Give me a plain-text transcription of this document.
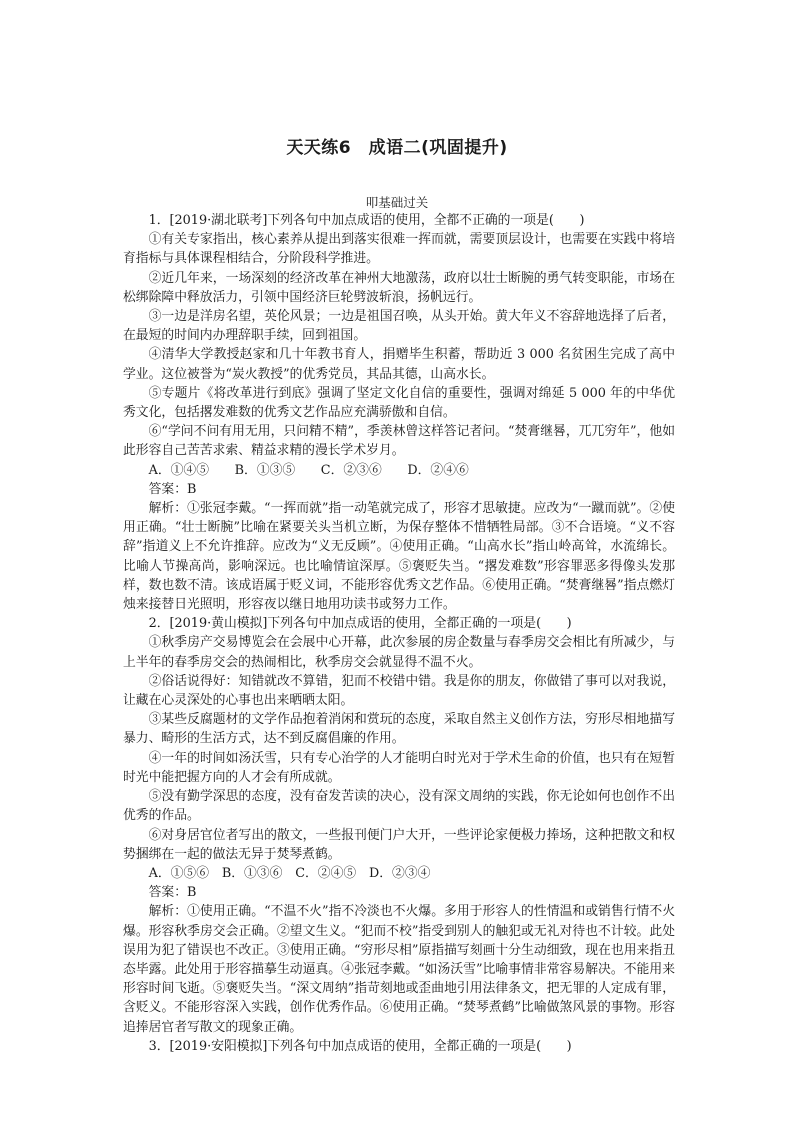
天天练6　成语二(巩固提升)
叩基础过关

1．[2019·湖北联考]下列各句中加点成语的使用，全都不正确的一项是(　　)

①有关专家指出，核心素养从提出到落实很难一挥而就，需要顶层设计，也需要在实践中将培育指标与具体课程相结合，分阶段科学推进。

②近几年来，一场深刻的经济改革在神州大地激荡，政府以壮士断腕的勇气转变职能，市场在松绑除障中释放活力，引领中国经济巨轮劈波斩浪，扬帆远行。

③一边是洋房名望，英伦风景；一边是祖国召唤，从头开始。黄大年义不容辞地选择了后者，在最短的时间内办理辞职手续，回到祖国。

④清华大学教授赵家和几十年教书育人，捐赠毕生积蓄，帮助近 3 000 名贫困生完成了高中学业。这位被誉为“炭火教授”的优秀党员，其品其德，山高水长。

⑤专题片《将改革进行到底》强调了坚定文化自信的重要性，强调对绵延 5 000 年的中华优秀文化，包括撂发难数的优秀文艺作品应充满骄傲和自信。

⑥“学问不问有用无用，只问精不精”，季羡林曾这样答记者问。“焚膏继晷，兀兀穷年”，他如此形容自己苦苦求索、精益求精的漫长学术岁月。

A．①④⑤　　B．①③⑤　　C．②③⑥　　D．②④⑥

答案：B

解析：①张冠李戴。“一挥而就”指一动笔就完成了，形容才思敏捷。应改为“一蹴而就”。②使用正确。“壮士断腕”比喻在紧要关头当机立断，为保存整体不惜牺牲局部。③不合语境。“义不容辞”指道义上不允许推辞。应改为“义无反顾”。④使用正确。“山高水长”指山岭高耸，水流绵长。比喻人节操高尚，影响深远。也比喻情谊深厚。⑤褒贬失当。“撂发难数”形容罪恶多得像头发那样，数也数不清。该成语属于贬义词，不能形容优秀文艺作品。⑥使用正确。“焚膏继晷”指点燃灯烛来接替日光照明，形容夜以继日地用功读书或努力工作。

2．[2019·黄山模拟]下列各句中加点成语的使用，全都正确的一项是(　　)

①秋季房产交易博览会在会展中心开幕，此次参展的房企数量与春季房交会相比有所减少，与上半年的春季房交会的热闹相比，秋季房交会就显得不温不火。

②俗话说得好：知错就改不算错，犯而不校错中错。我是你的朋友，你做错了事可以对我说，让藏在心灵深处的心事也出来晒晒太阳。

③某些反腐题材的文学作品抱着消闲和赏玩的态度，采取自然主义创作方法，穷形尽相地描写暴力、畸形的生活方式，达不到反腐倡廉的作用。

④一年的时间如汤沃雪，只有专心治学的人才能明白时光对于学术生命的价值，也只有在短暂时光中能把握方向的人才会有所成就。

⑤没有勤学深思的态度，没有奋发苦读的决心，没有深文周纳的实践，你无论如何也创作不出优秀的作品。

⑥对身居官位者写出的散文，一些报刊便门户大开，一些评论家便极力捧场，这种把散文和权势捆绑在一起的做法无异于焚琴煮鹤。

A．①⑤⑥　B．①③⑥　C．②④⑤　D．②③④

答案：B

解析：①使用正确。“不温不火”指不冷淡也不火爆。多用于形容人的性情温和或销售行情不火爆。形容秋季房交会正确。②望文生义。“犯而不校”指受到别人的触犯或无礼对待也不计较。此处误用为犯了错误也不改正。③使用正确。“穷形尽相”原指描写刻画十分生动细致，现在也用来指丑态毕露。此处用于形容描摹生动逼真。④张冠李戴。“如汤沃雪”比喻事情非常容易解决。不能用来形容时间飞逝。⑤褒贬失当。“深文周纳”指苛刻地或歪曲地引用法律条文，把无罪的人定成有罪，含贬义。不能形容深入实践，创作优秀作品。⑥使用正确。“焚琴煮鹤”比喻做煞风景的事物。形容追捧居官者写散文的现象正确。

3．[2019·安阳模拟]下列各句中加点成语的使用，全都正确的一项是(　　)
